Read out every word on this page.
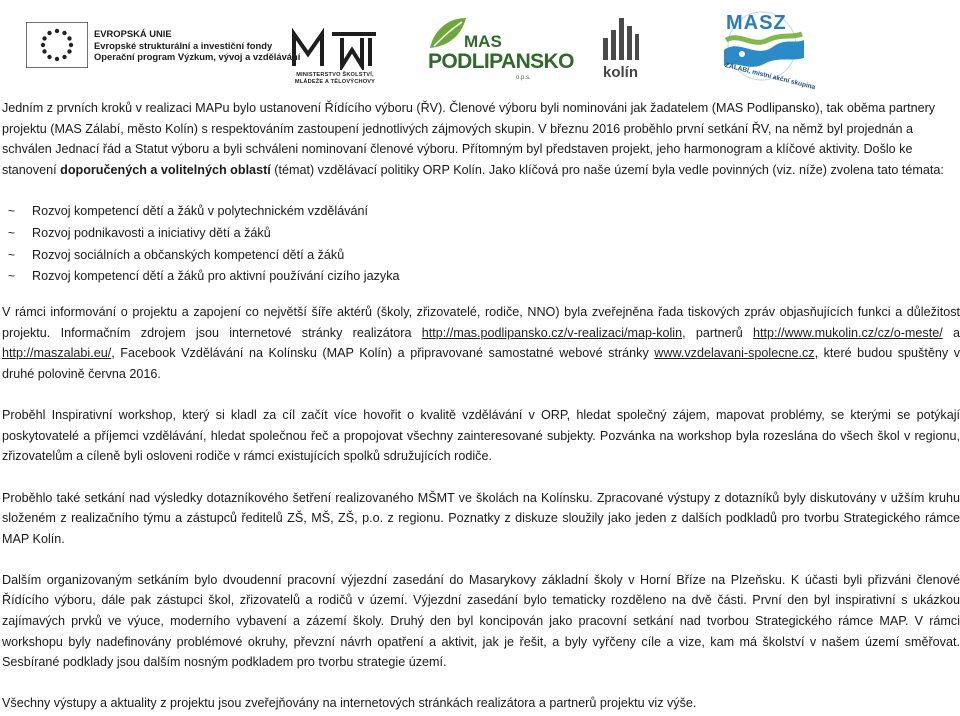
EVROPSKÁ UNIE
Evropské strukturální a investiční fondy
Operační program Výzkum, vývoj a vzdělávání
MINISTERSTVO ŠKOLSTVÍ,
MLÁDEŽE A TĚLOVÝCHOVY
MAS
PODLIPANSKO
o.p.s.	kolín
MASZ
ZÁLABÍ, místní akční skupina

Jedním z prvních kroků v realizaci MAPu bylo ustanovení Řídícího výboru (ŘV). Členové výboru byli nominováni jak žadatelem (MAS Podlipansko), tak oběma partnery projektu (MAS Zálabí, město Kolín) s respektováním zastoupení jednotlivých zájmových skupin. V březnu 2016 proběhlo první setkání ŘV, na němž byl projednán a schválen Jednací řád a Statut výboru a byli schváleni nominovaní členové výboru. Přítomným byl představen projekt, jeho harmonogram a klíčové aktivity. Došlo ke stanovení doporučených a volitelných oblastí (témat) vzdělávací politiky ORP Kolín. Jako klíčová pro naše území byla vedle povinných (viz. níže) zvolena tato témata:

~ Rozvoj kompetencí dětí a žáků v polytechnickém vzdělávání
~ Rozvoj podnikavosti a iniciativy dětí a žáků
~ Rozvoj sociálních a občanských kompetencí dětí a žáků
~ Rozvoj kompetencí dětí a žáků pro aktivní používání cizího jazyka

V rámci informování o projektu a zapojení co největší šíře aktérů (školy, zřizovatelé, rodiče, NNO) byla zveřejněna řada tiskových zpráv objasňujících funkci a důležitost projektu. Informačním zdrojem jsou internetové stránky realizátora http://mas.podlipansko.cz/v-realizaci/map-kolin, partnerů http://www.mukolin.cz/cz/o-meste/ a http://maszalabi.eu/, Facebook Vzdělávání na Kolínsku (MAP Kolín) a připravované samostatné webové stránky www.vzdelavani-spolecne.cz, které budou spuštěny v druhé polovině června 2016.

Proběhl Inspirativní workshop, který si kladl za cíl začít více hovořit o kvalitě vzdělávání v ORP, hledat společný zájem, mapovat problémy, se kterými se potýkají poskytovatelé a příjemci vzdělávání, hledat společnou řeč a propojovat všechny zainteresované subjekty. Pozvánka na workshop byla rozeslána do všech škol v regionu, zřizovatelům a cíleně byli osloveni rodiče v rámci existujících spolků sdružujících rodiče.

Proběhlo také setkání nad výsledky dotazníkového šetření realizovaného MŠMT ve školách na Kolínsku. Zpracované výstupy z dotazníků byly diskutovány v užším kruhu složeném z realizačního týmu a zástupců ředitelů ZŠ, MŠ, ZŠ, p.o. z regionu. Poznatky z diskuze sloužily jako jeden z dalších podkladů pro tvorbu Strategického rámce MAP Kolín.

Dalším organizovaným setkáním bylo dvoudenní pracovní výjezdní zasedání do Masarykovy základní školy v Horní Bříze na Plzeňsku. K účasti byli přizváni členové Řídícího výboru, dále pak zástupci škol, zřizovatelů a rodičů v území. Výjezdní zasedání bylo tematicky rozděleno na dvě části. První den byl inspirativní s ukázkou zajímavých prvků ve výuce, moderního vybavení a zázemí školy. Druhý den byl koncipován jako pracovní setkání nad tvorbou Strategického rámce MAP. V rámci workshopu byly nadefinovány problémové okruhy, převzní návrh opatření a aktivit, jak je řešit, a byly vyřčeny cíle a vize, kam má školství v našem území směřovat. Sesbírané podklady jsou dalším nosným podkladem pro tvorbu strategie území.

Všechny výstupy a aktuality z projektu jsou zveřejňovány na internetových stránkách realizátora a partnerů projektu viz výše.
